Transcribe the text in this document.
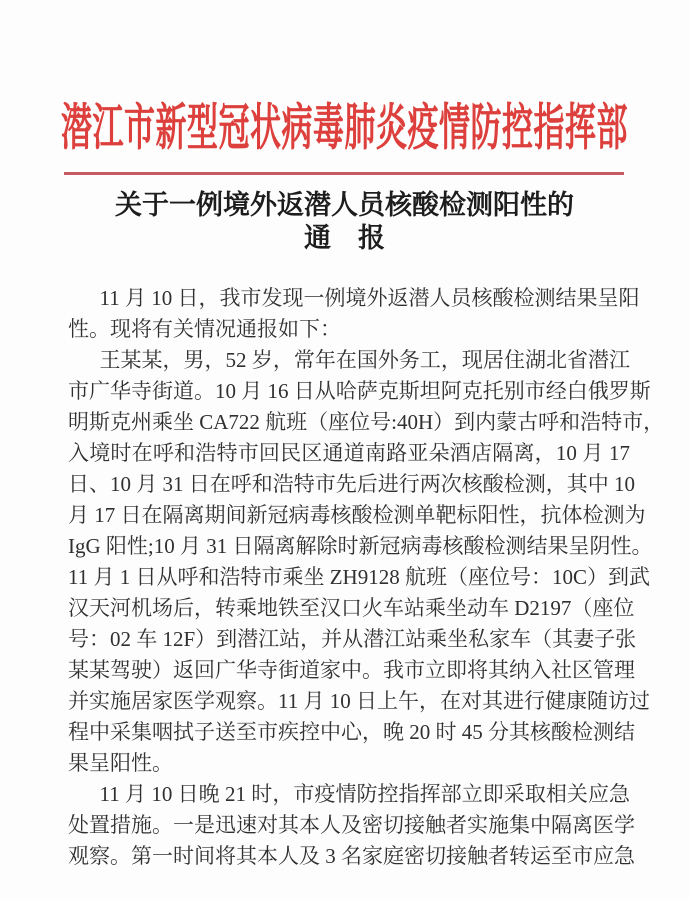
潜江市新型冠状病毒肺炎疫情防控指挥部
关于一例境外返潜人员核酸检测阳性的
通　报
11 月 10 日，我市发现一例境外返潜人员核酸检测结果呈阳
性。现将有关情况通报如下：
王某某，男，52 岁，常年在国外务工，现居住湖北省潜江
市广华寺街道。10 月 16 日从哈萨克斯坦阿克托别市经白俄罗斯
明斯克州乘坐 CA722 航班（座位号:40H）到内蒙古呼和浩特市，
入境时在呼和浩特市回民区通道南路亚朵酒店隔离，10 月 17
日、10 月 31 日在呼和浩特市先后进行两次核酸检测，其中 10
月 17 日在隔离期间新冠病毒核酸检测单靶标阳性，抗体检测为
IgG 阳性;10 月 31 日隔离解除时新冠病毒核酸检测结果呈阴性。
11 月 1 日从呼和浩特市乘坐 ZH9128 航班（座位号：10C）到武
汉天河机场后，转乘地铁至汉口火车站乘坐动车 D2197（座位
号：02 车 12F）到潜江站，并从潜江站乘坐私家车（其妻子张
某某驾驶）返回广华寺街道家中。我市立即将其纳入社区管理
并实施居家医学观察。11 月 10 日上午，在对其进行健康随访过
程中采集咽拭子送至市疾控中心，晚 20 时 45 分其核酸检测结
果呈阳性。
11 月 10 日晚 21 时，市疫情防控指挥部立即采取相关应急
处置措施。一是迅速对其本人及密切接触者实施集中隔离医学
观察。第一时间将其本人及 3 名家庭密切接触者转运至市应急
